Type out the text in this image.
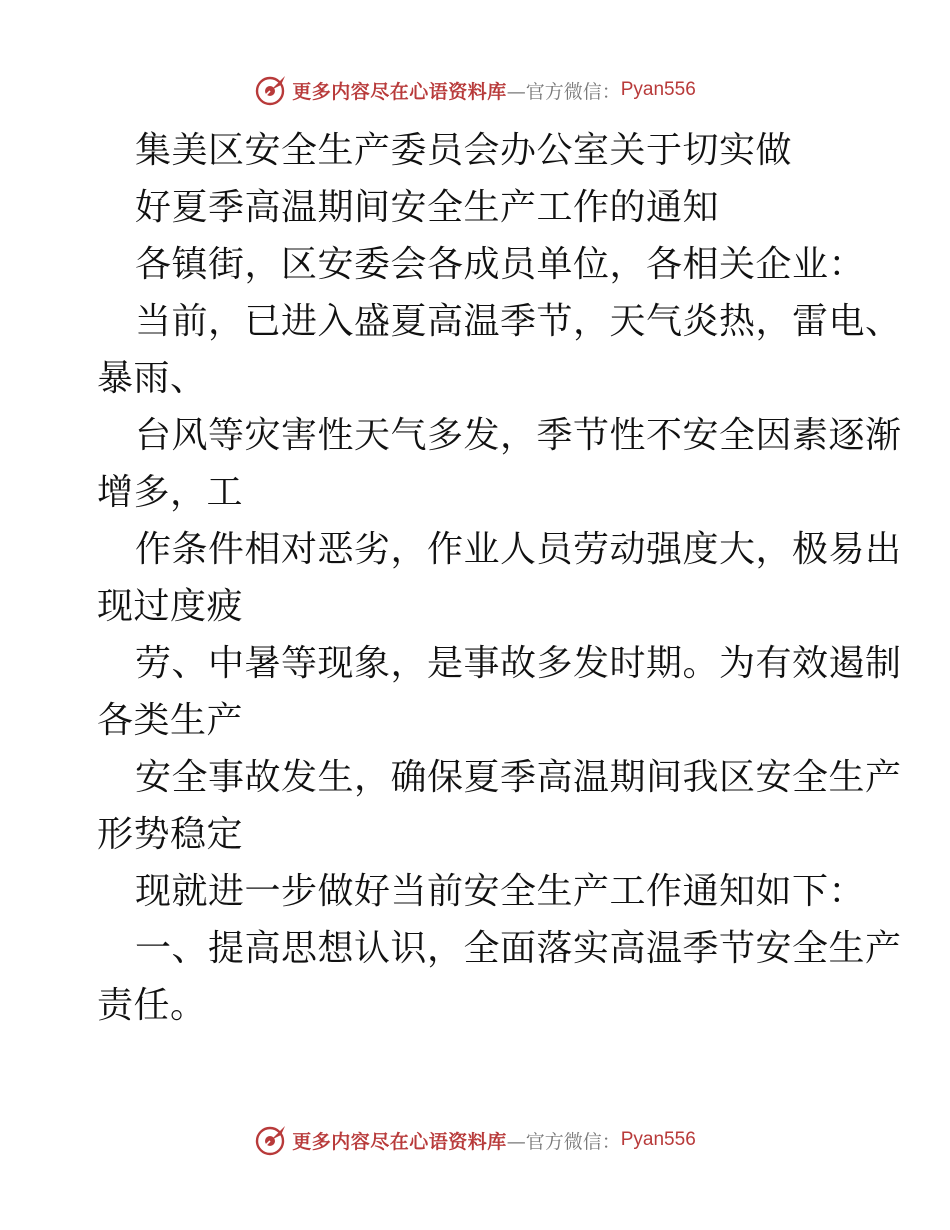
更多内容尽在心语资料库 —官方微信： Pyan556
集美区安全生产委员会办公室关于切实做
好夏季高温期间安全生产工作的通知
各镇街，区安委会各成员单位，各相关企业：
当前，已进入盛夏高温季节，天气炎热，雷电、
暴雨、
台风等灾害性天气多发，季节性不安全因素逐渐
增多，工
作条件相对恶劣，作业人员劳动强度大，极易出
现过度疲
劳、中暑等现象，是事故多发时期。为有效遏制
各类生产
安全事故发生，确保夏季高温期间我区安全生产
形势稳定
现就进一步做好当前安全生产工作通知如下：
一、提高思想认识，全面落实高温季节安全生产
责任。
更多内容尽在心语资料库 —官方微信： Pyan556
